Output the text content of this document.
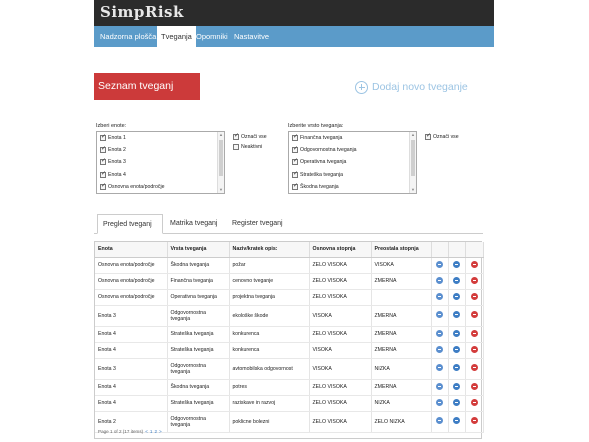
SimpRisk
Nadzorna plošča Tveganja Opomniki Nastavitve
Seznam tveganj	Dodaj novo tveganje
Izberi enote:
✓
Enota 1
✓
Enota 2
✓
Enota 3
✓
Enota 4
✓
Osnovna enota/področje
▲
▼
✓
Označi vse
Neaktivni
Izberite vrsto tveganja:
✓
Finančna tveganja
✓
Odgovornostna tveganja
✓
Operativna tveganja
✓
Strateška tveganja
✓
Škodna tveganja
▲
▼
✓
Označi vse
Pregled tveganj	Matrika tveganj	Register tveganj
Enota	Vrsta tveganja	Naziv/kratek opis:	Osnovna stopnja	Preostala stopnja			
Osnovna enota/področje	Škodna tveganja	požar	ZELO VISOKA	VISOKA			
Osnovna enota/področje	Finančna tveganja	cenovno tveganje	ZELO VISOKA	ZMERNA			
Osnovna enota/področje	Operativna tveganja	projektna tveganja	ZELO VISOKA				
Enota 3	Odgovornostna tveganja	ekološke škode	VISOKA	ZMERNA			
Enota 4	Strateška tveganja	konkurenca	ZELO VISOKA	ZMERNA			
Enota 4	Strateška tveganja	konkurenca	VISOKA	ZMERNA			
Enota 3	Odgovornostna tveganja	avtomobilska odgovornost	VISOKA	NIZKA			
Enota 4	Škodna tveganja	potres	ZELO VISOKA	ZMERNA			
Enota 4	Strateška tveganja	raziskave in razvoj	ZELO VISOKA	NIZKA			
Enota 2	Odgovornostna tveganja	poklicne bolezni	ZELO VISOKA	ZELO NIZKA			
Page 1 of 2 (17 items) < 1 2 >
